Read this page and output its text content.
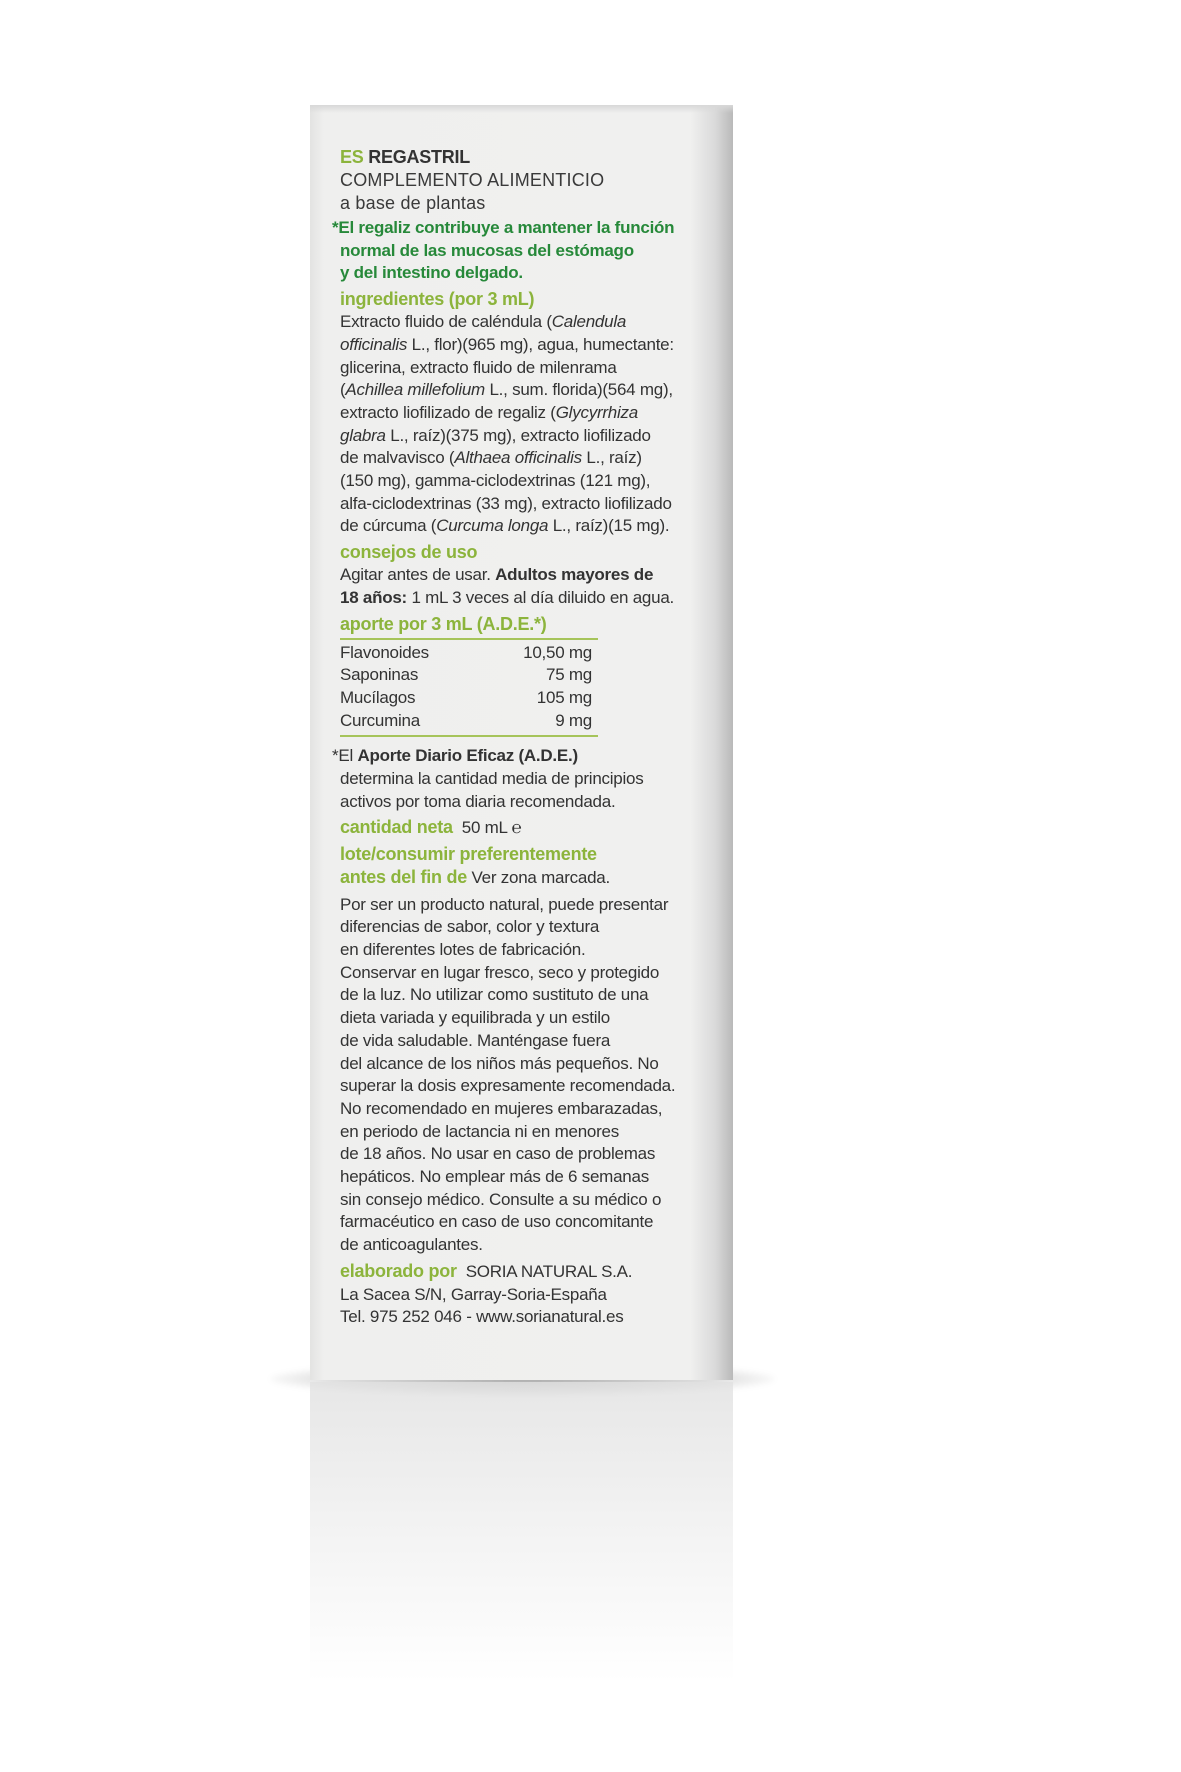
ES REGASTRIL
COMPLEMENTO ALIMENTICIO
a base de plantas
*El regaliz contribuye a mantener la función
normal de las mucosas del estómago
y del intestino delgado.
ingredientes (por 3 mL)
Extracto fluido de caléndula (Calendula
officinalis L., flor)(965 mg), agua, humectante:
glicerina, extracto fluido de milenrama
(Achillea millefolium L., sum. florida)(564 mg),
extracto liofilizado de regaliz (Glycyrrhiza
glabra L., raíz)(375 mg), extracto liofilizado
de malvavisco (Althaea officinalis L., raíz)
(150 mg), gamma-ciclodextrinas (121 mg),
alfa-ciclodextrinas (33 mg), extracto liofilizado
de cúrcuma (Curcuma longa L., raíz)(15 mg).
consejos de uso
Agitar antes de usar. Adultos mayores de
18 años: 1 mL 3 veces al día diluido en agua.
aporte por 3 mL (A.D.E.*)
Flavonoides	10,50 mg
Saponinas	75 mg
Mucílagos	105 mg
Curcumina	9 mg
*El Aporte Diario Eficaz (A.D.E.)
determina la cantidad media de principios
activos por toma diaria recomendada.
cantidad neta 50 mL ℮
lote/consumir preferentemente
antes del fin de Ver zona marcada.
Por ser un producto natural, puede presentar
diferencias de sabor, color y textura
en diferentes lotes de fabricación.
Conservar en lugar fresco, seco y protegido
de la luz. No utilizar como sustituto de una
dieta variada y equilibrada y un estilo
de vida saludable. Manténgase fuera
del alcance de los niños más pequeños. No
superar la dosis expresamente recomendada.
No recomendado en mujeres embarazadas,
en periodo de lactancia ni en menores
de 18 años. No usar en caso de problemas
hepáticos. No emplear más de 6 semanas
sin consejo médico. Consulte a su médico o
farmacéutico en caso de uso concomitante
de anticoagulantes.
elaborado por SORIA NATURAL S.A.
La Sacea S/N, Garray-Soria-España
Tel. 975 252 046 - www.sorianatural.es
